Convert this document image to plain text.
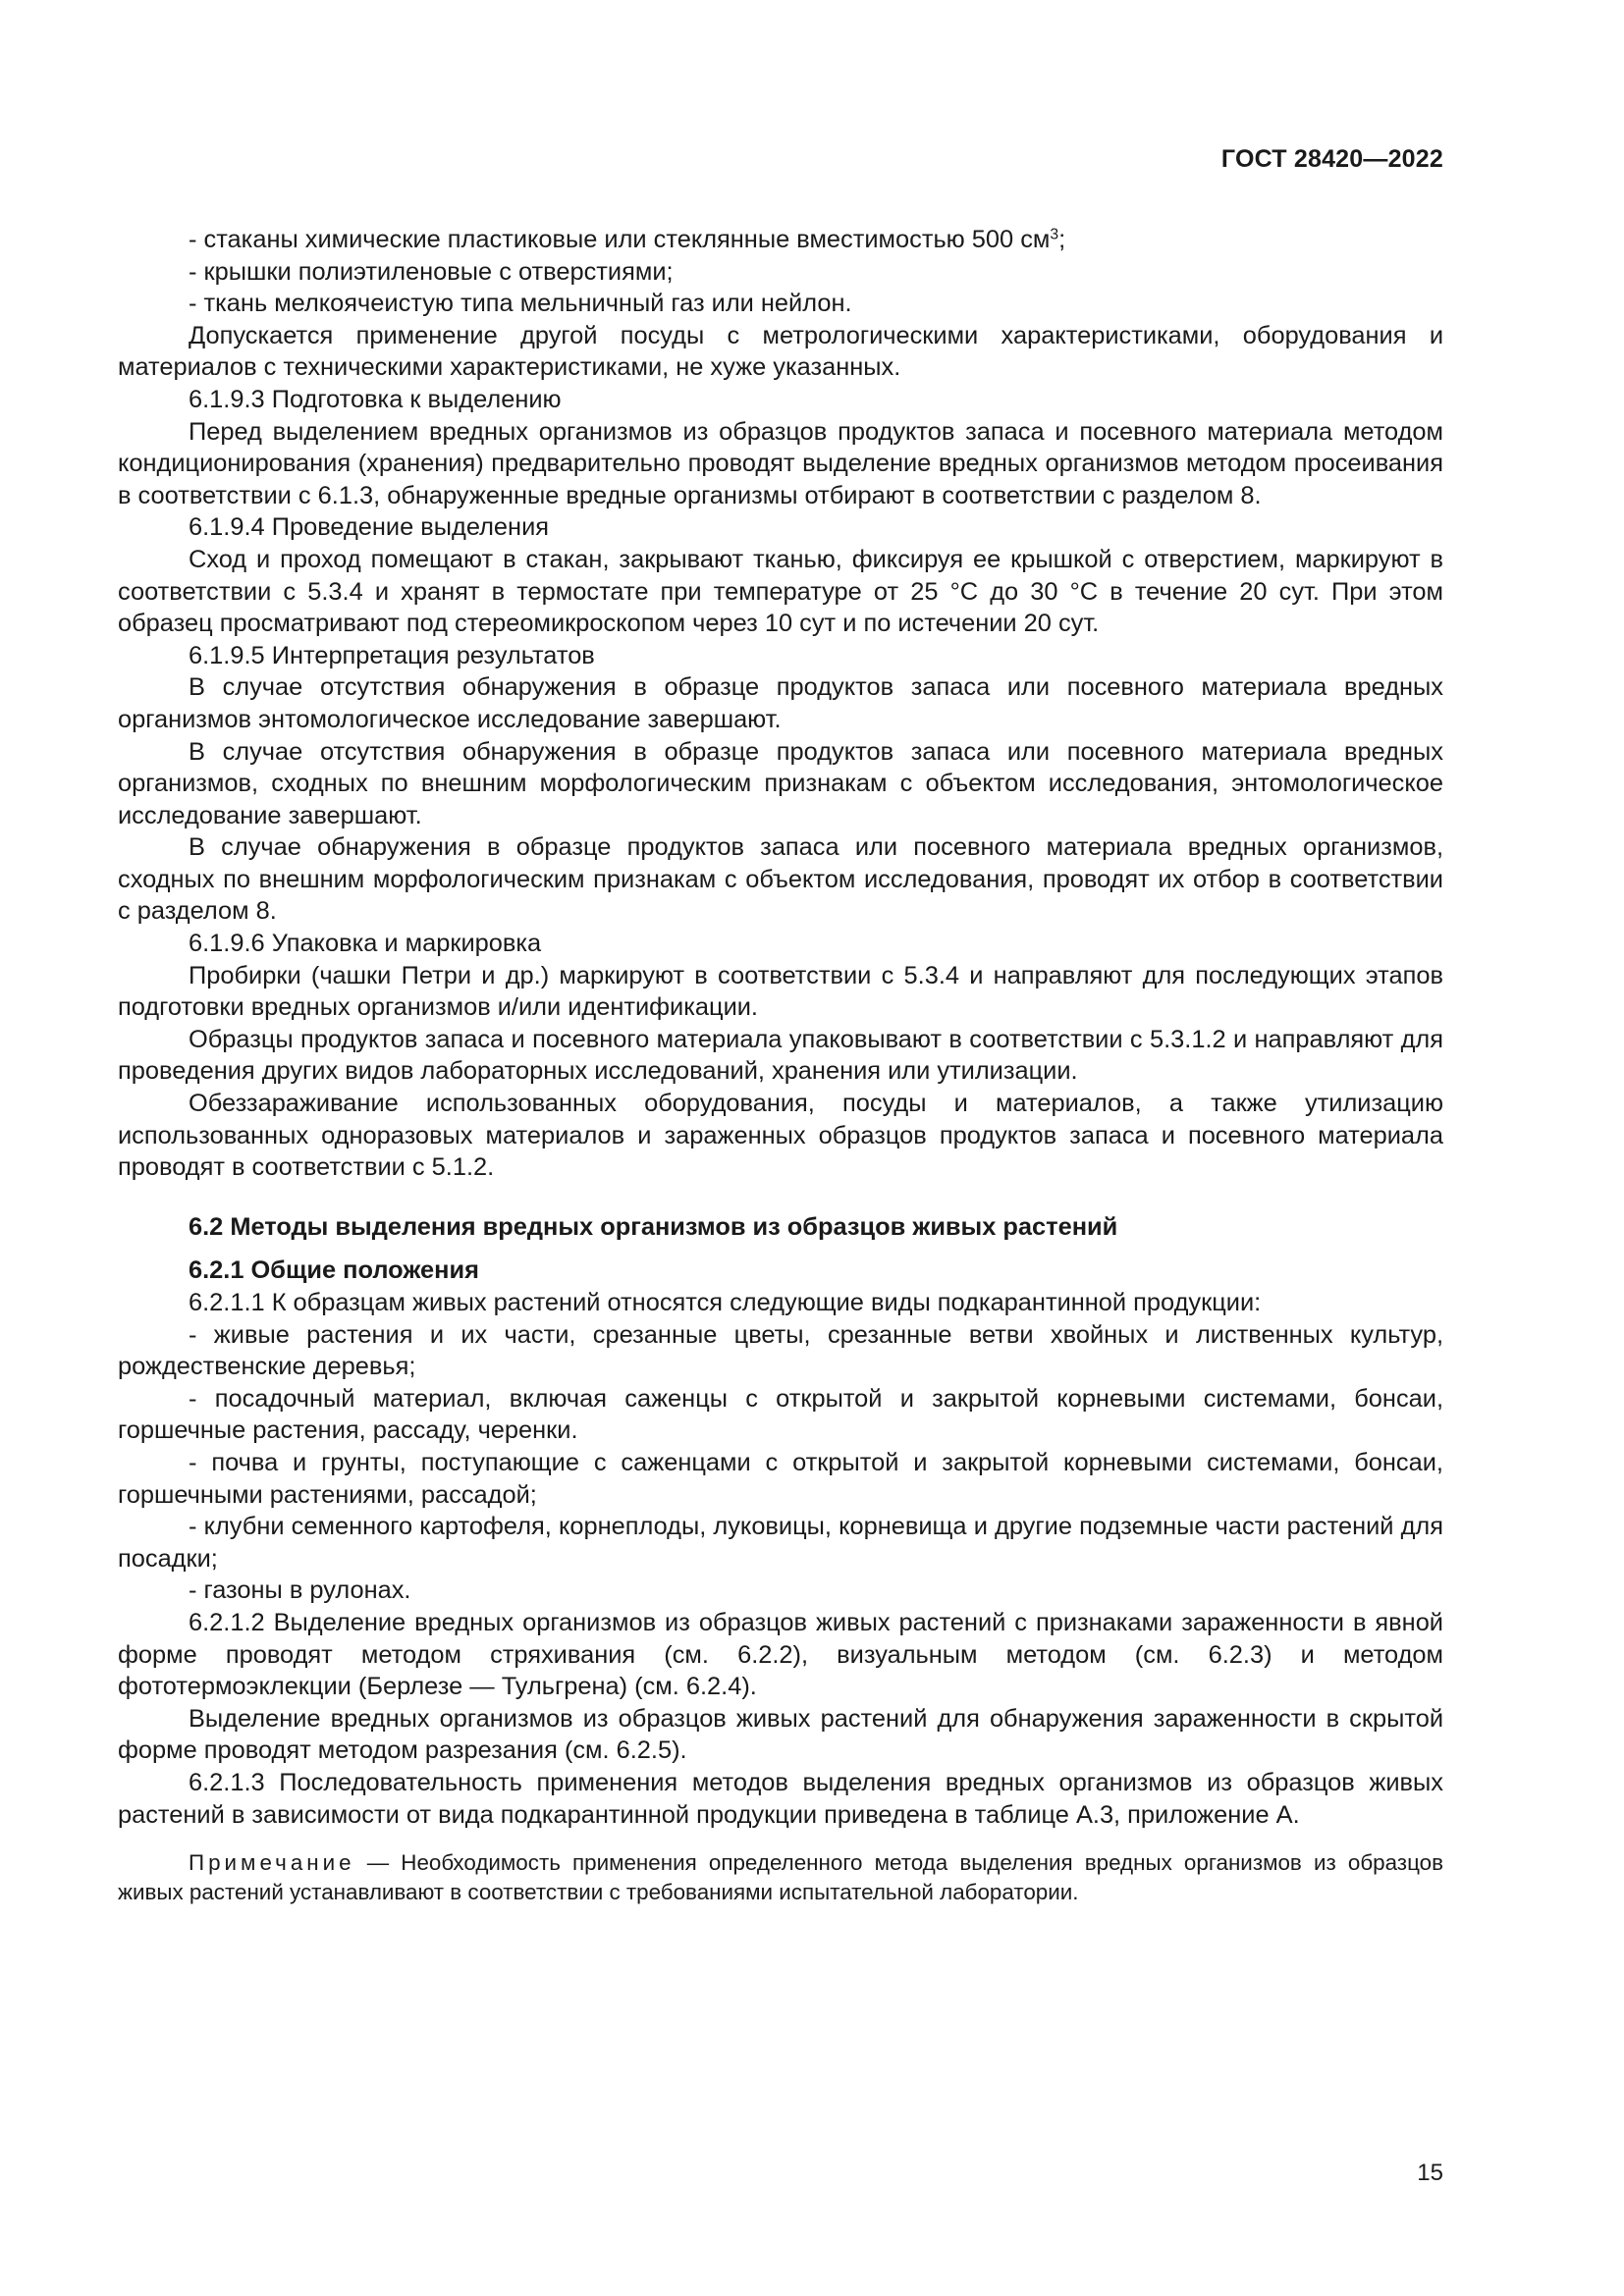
ГОСТ 28420—2022

- стаканы химические пластиковые или стеклянные вместимостью 500 $см^3$;

- крышки полиэтиленовые с отверстиями;

- ткань мелкоячеистую типа мельничный газ или нейлон.

Допускается применение другой посуды с метрологическими характеристиками, оборудования и материалов с техническими характеристиками, не хуже указанных.

6.1.9.3 Подготовка к выделению

Перед выделением вредных организмов из образцов продуктов запаса и посевного материала методом кондиционирования (хранения) предварительно проводят выделение вредных организмов методом просеивания в соответствии с 6.1.3, обнаруженные вредные организмы отбирают в соответствии с разделом 8.

6.1.9.4 Проведение выделения

Сход и проход помещают в стакан, закрывают тканью, фиксируя ее крышкой с отверстием, маркируют в соответствии с 5.3.4 и хранят в термостате при температуре от 25 °C до 30 °C в течение 20 сут. При этом образец просматривают под стереомикроскопом через 10 сут и по истечении 20 сут.

6.1.9.5 Интерпретация результатов

В случае отсутствия обнаружения в образце продуктов запаса или посевного материала вредных организмов энтомологическое исследование завершают.

В случае отсутствия обнаружения в образце продуктов запаса или посевного материала вредных организмов, сходных по внешним морфологическим признакам с объектом исследования, энтомологическое исследование завершают.

В случае обнаружения в образце продуктов запаса или посевного материала вредных организмов, сходных по внешним морфологическим признакам с объектом исследования, проводят их отбор в соответствии с разделом 8.

6.1.9.6 Упаковка и маркировка

Пробирки (чашки Петри и др.) маркируют в соответствии с 5.3.4 и направляют для последующих этапов подготовки вредных организмов и/или идентификации.

Образцы продуктов запаса и посевного материала упаковывают в соответствии с 5.3.1.2 и направляют для проведения других видов лабораторных исследований, хранения или утилизации.

Обеззараживание использованных оборудования, посуды и материалов, а также утилизацию использованных одноразовых материалов и зараженных образцов продуктов запаса и посевного материала проводят в соответствии с 5.1.2.

6.2 Методы выделения вредных организмов из образцов живых растений

6.2.1 Общие положения

6.2.1.1 К образцам живых растений относятся следующие виды подкарантинной продукции:

- живые растения и их части, срезанные цветы, срезанные ветви хвойных и лиственных культур, рождественские деревья;

- посадочный материал, включая саженцы с открытой и закрытой корневыми системами, бонсаи, горшечные растения, рассаду, черенки.

- почва и грунты, поступающие с саженцами с открытой и закрытой корневыми системами, бонсаи, горшечными растениями, рассадой;

- клубни семенного картофеля, корнеплоды, луковицы, корневища и другие подземные части растений для посадки;

- газоны в рулонах.

6.2.1.2 Выделение вредных организмов из образцов живых растений с признаками зараженности в явной форме проводят методом стряхивания (см. 6.2.2), визуальным методом (см. 6.2.3) и методом фототермоэклекции (Берлезе — Тульгрена) (см. 6.2.4).

Выделение вредных организмов из образцов живых растений для обнаружения зараженности в скрытой форме проводят методом разрезания (см. 6.2.5).

6.2.1.3 Последовательность применения методов выделения вредных организмов из образцов живых растений в зависимости от вида подкарантинной продукции приведена в таблице А.3, приложение А.

Примечание — Необходимость применения определенного метода выделения вредных организмов из образцов живых растений устанавливают в соответствии с требованиями испытательной лаборатории.

15
